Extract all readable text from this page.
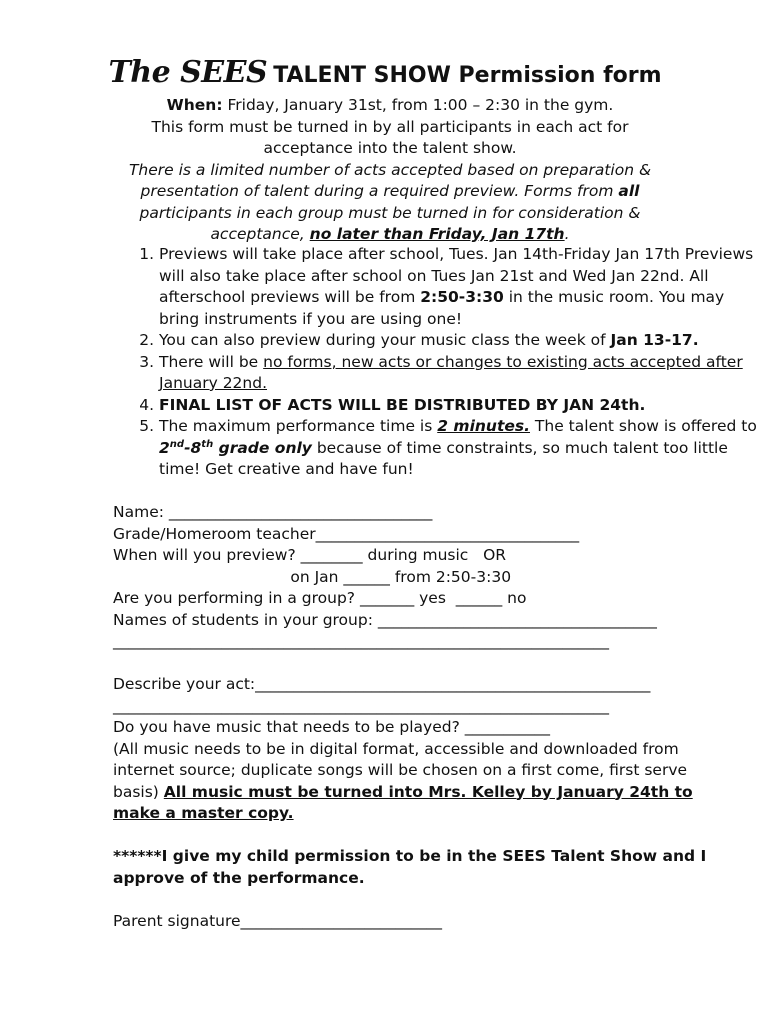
The SEES TALENT SHOW Permission form

When: Friday, January 31st, from 1:00 – 2:30 in the gym.

This form must be turned in by all participants in each act for acceptance into the talent show.

There is a limited number of acts accepted based on preparation & presentation of talent during a required preview. Forms from all participants in each group must be turned in for consideration & acceptance, no later than Friday, Jan 17th.

1. Previews will take place after school, Tues. Jan 14th-Friday Jan 17th Previews will also take place after school on Tues Jan 21st and Wed Jan 22nd. All afterschool previews will be from 2:50-3:30 in the music room. You may bring instruments if you are using one!
2. You can also preview during your music class the week of Jan 13-17.
3. There will be no forms, new acts or changes to existing acts accepted after January 22nd.
4. FINAL LIST OF ACTS WILL BE DISTRIBUTED BY JAN 24th.
5. The maximum performance time is 2 minutes. The talent show is offered to 2nd-8th grade only because of time constraints, so much talent too little time! Get creative and have fun!

Name: __________________________________

Grade/Homeroom teacher__________________________________

When will you preview? ________ during music   OR

on Jan ______ from 2:50-3:30

Are you performing in a group? _______ yes  ______ no

Names of students in your group: ____________________________________

________________________________________________________________

Describe your act:___________________________________________________

________________________________________________________________

Do you have music that needs to be played? ___________

(All music needs to be in digital format, accessible and downloaded from internet source; duplicate songs will be chosen on a first come, first serve basis) All music must be turned into Mrs. Kelley by January 24th to make a master copy.

******I give my child permission to be in the SEES Talent Show and I approve of the performance.

Parent signature__________________________
